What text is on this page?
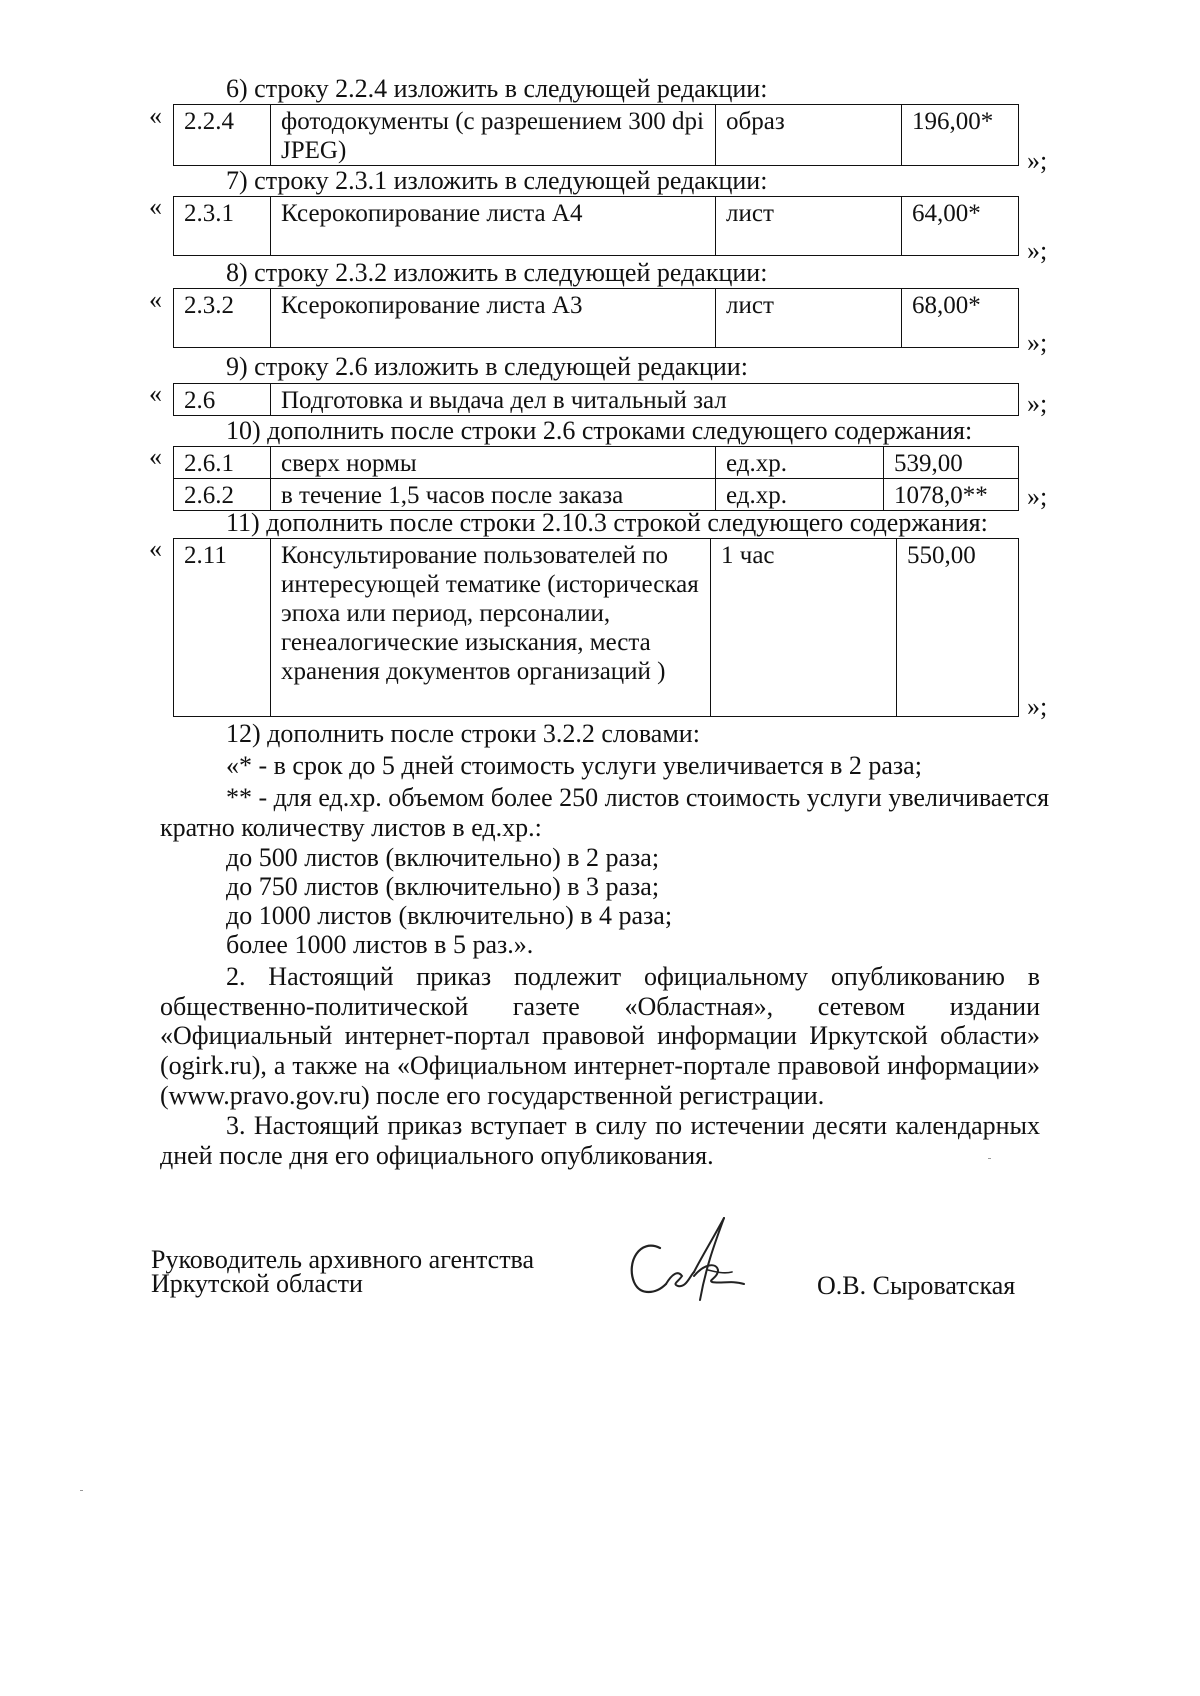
6) строку 2.2.4 изложить в следующей редакции:
« 2.2.4	фотодокументы (с разрешением 300 dpi JPEG)	образ	196,00*
»;
7) строку 2.3.1 изложить в следующей редакции:
« 2.3.1	Ксерокопирование листа А4	лист	64,00*
»;
8) строку 2.3.2 изложить в следующей редакции:
« 2.3.2	Ксерокопирование листа А3	лист	68,00*
»;
9) строку 2.6 изложить в следующей редакции:
« 2.6	Подготовка и выдача дел в читальный зал	»;
10) дополнить после строки 2.6 строками следующего содержания:
« 2.6.1	сверх нормы	ед.хр.	539,00
2.6.2	в течение 1,5 часов после заказа	ед.хр.	1078,0** »;
11) дополнить после строки 2.10.3 строкой следующего содержания:
« 2.11	Консультирование пользователей по интересующей тематике (историческая эпоха или период, персоналии, генеалогические изыскания, места хранения документов организаций )	1 час	550,00
»;
12) дополнить после строки 3.2.2 словами:
«* - в срок до 5 дней стоимость услуги увеличивается в 2 раза;
** - для ед.хр. объемом более 250 листов стоимость услуги увеличивается
кратно количеству листов в ед.хр.:
до 500 листов (включительно) в 2 раза;
до 750 листов (включительно) в 3 раза;
до 1000 листов (включительно) в 4 раза;
более 1000 листов в 5 раз.».
2. Настоящий приказ подлежит официальному опубликованию в
общественно-политической газете «Областная», сетевом издании
«Официальный интернет-портал правовой информации Иркутской области»
(ogirk.ru), а также на «Официальном интернет-портале правовой информации»
(www.pravo.gov.ru) после его государственной регистрации.
3. Настоящий приказ вступает в силу по истечении десяти календарных
дней после дня его официального опубликования.
Руководитель архивного агентства
Иркутской области	О.В. Сыроватская
